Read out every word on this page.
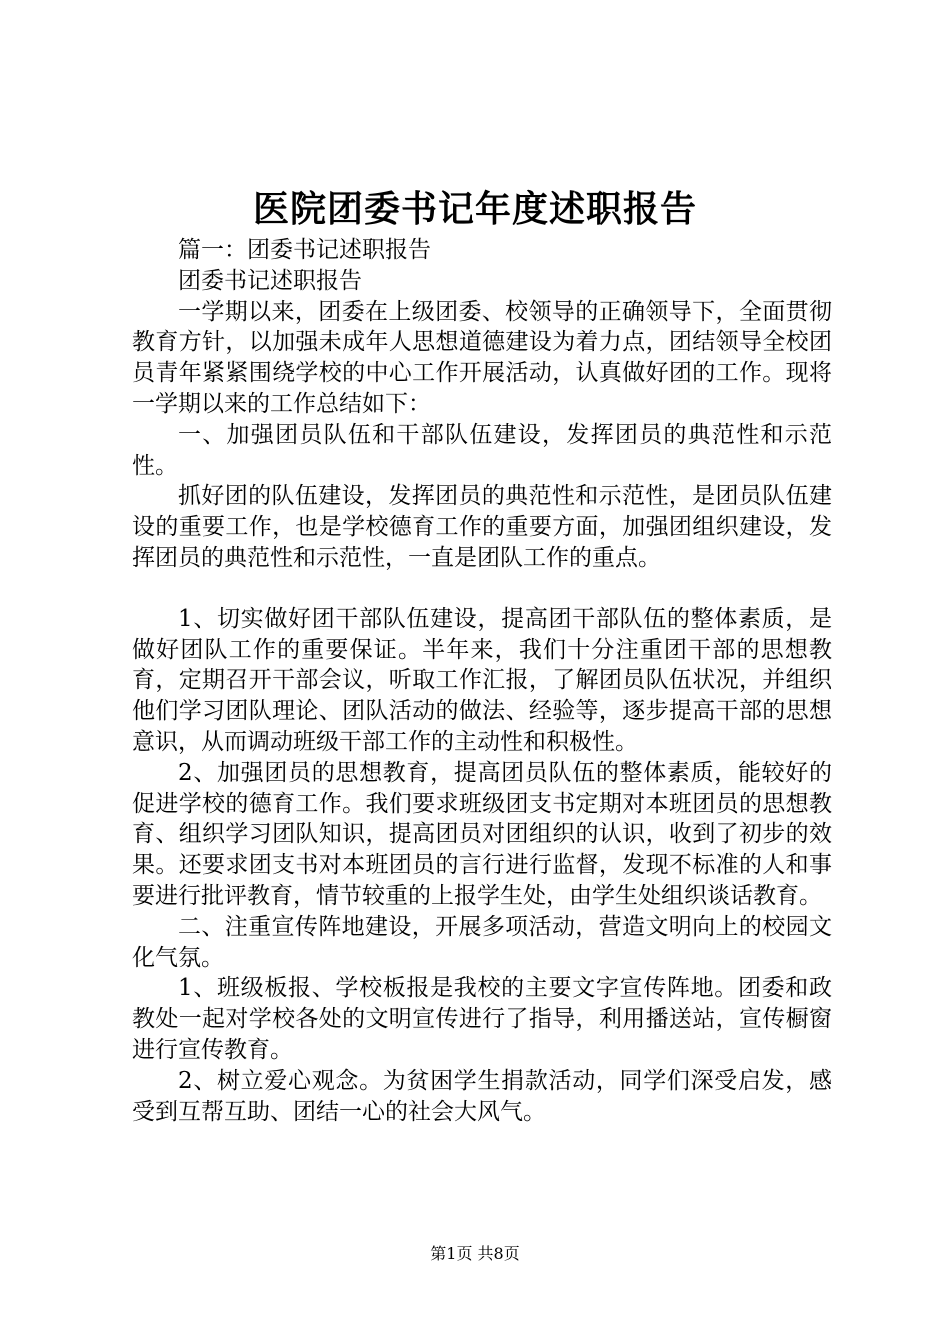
医院团委书记年度述职报告

篇一：团委书记述职报告

团委书记述职报告

一学期以来，团委在上级团委、校领导的正确领导下，全面贯彻教育方针，以加强未成年人思想道德建设为着力点，团结领导全校团员青年紧紧围绕学校的中心工作开展活动，认真做好团的工作。现将一学期以来的工作总结如下：

一、加强团员队伍和干部队伍建设，发挥团员的典范性和示范性。

抓好团的队伍建设，发挥团员的典范性和示范性，是团员队伍建设的重要工作，也是学校德育工作的重要方面，加强团组织建设，发挥团员的典范性和示范性，一直是团队工作的重点。

1、切实做好团干部队伍建设，提高团干部队伍的整体素质，是做好团队工作的重要保证。半年来，我们十分注重团干部的思想教育，定期召开干部会议，听取工作汇报，了解团员队伍状况，并组织他们学习团队理论、团队活动的做法、经验等，逐步提高干部的思想意识，从而调动班级干部工作的主动性和积极性。

2、加强团员的思想教育，提高团员队伍的整体素质，能较好的促进学校的德育工作。我们要求班级团支书定期对本班团员的思想教育、组织学习团队知识，提高团员对团组织的认识，收到了初步的效果。还要求团支书对本班团员的言行进行监督，发现不标准的人和事要进行批评教育，情节较重的上报学生处，由学生处组织谈话教育。

二、注重宣传阵地建设，开展多项活动，营造文明向上的校园文化气氛。

1、班级板报、学校板报是我校的主要文字宣传阵地。团委和政教处一起对学校各处的文明宣传进行了指导，利用播送站，宣传橱窗进行宣传教育。

2、树立爱心观念。为贫困学生捐款活动，同学们深受启发，感受到互帮互助、团结一心的社会大风气。

第1页 共8页
